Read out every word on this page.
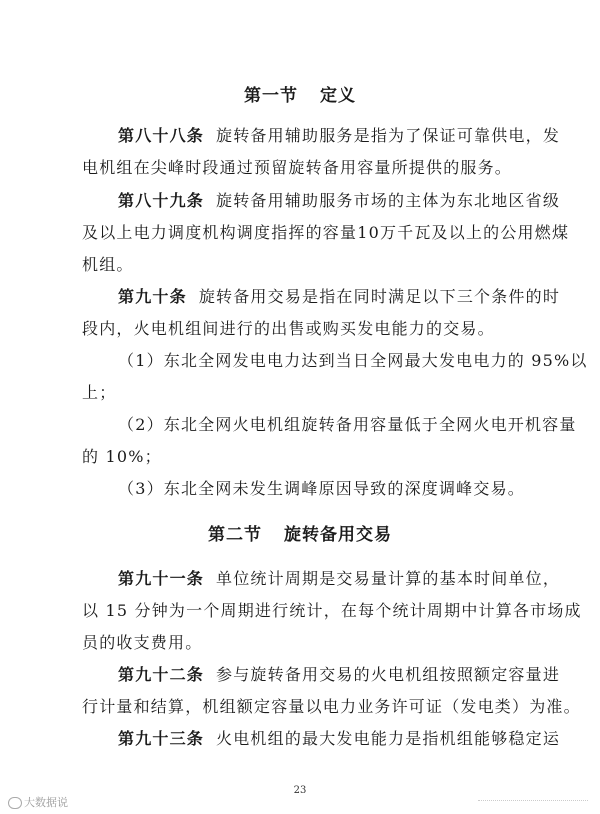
第一节 定义
第八十八条 旋转备用辅助服务是指为了保证可靠供电，发
电机组在尖峰时段通过预留旋转备用容量所提供的服务。
第八十九条 旋转备用辅助服务市场的主体为东北地区省级
及以上电力调度机构调度指挥的容量10万千瓦及以上的公用燃煤
机组。
第九十条 旋转备用交易是指在同时满足以下三个条件的时
段内，火电机组间进行的出售或购买发电能力的交易。
（1）东北全网发电电力达到当日全网最大发电电力的 95%以
上；
（2）东北全网火电机组旋转备用容量低于全网火电开机容量
的 10%；
（3）东北全网未发生调峰原因导致的深度调峰交易。
第二节 旋转备用交易
第九十一条 单位统计周期是交易量计算的基本时间单位，
以 15 分钟为一个周期进行统计，在每个统计周期中计算各市场成
员的收支费用。
第九十二条 参与旋转备用交易的火电机组按照额定容量进
行计量和结算，机组额定容量以电力业务许可证（发电类）为准。
第九十三条 火电机组的最大发电能力是指机组能够稳定运
23
大数据说
